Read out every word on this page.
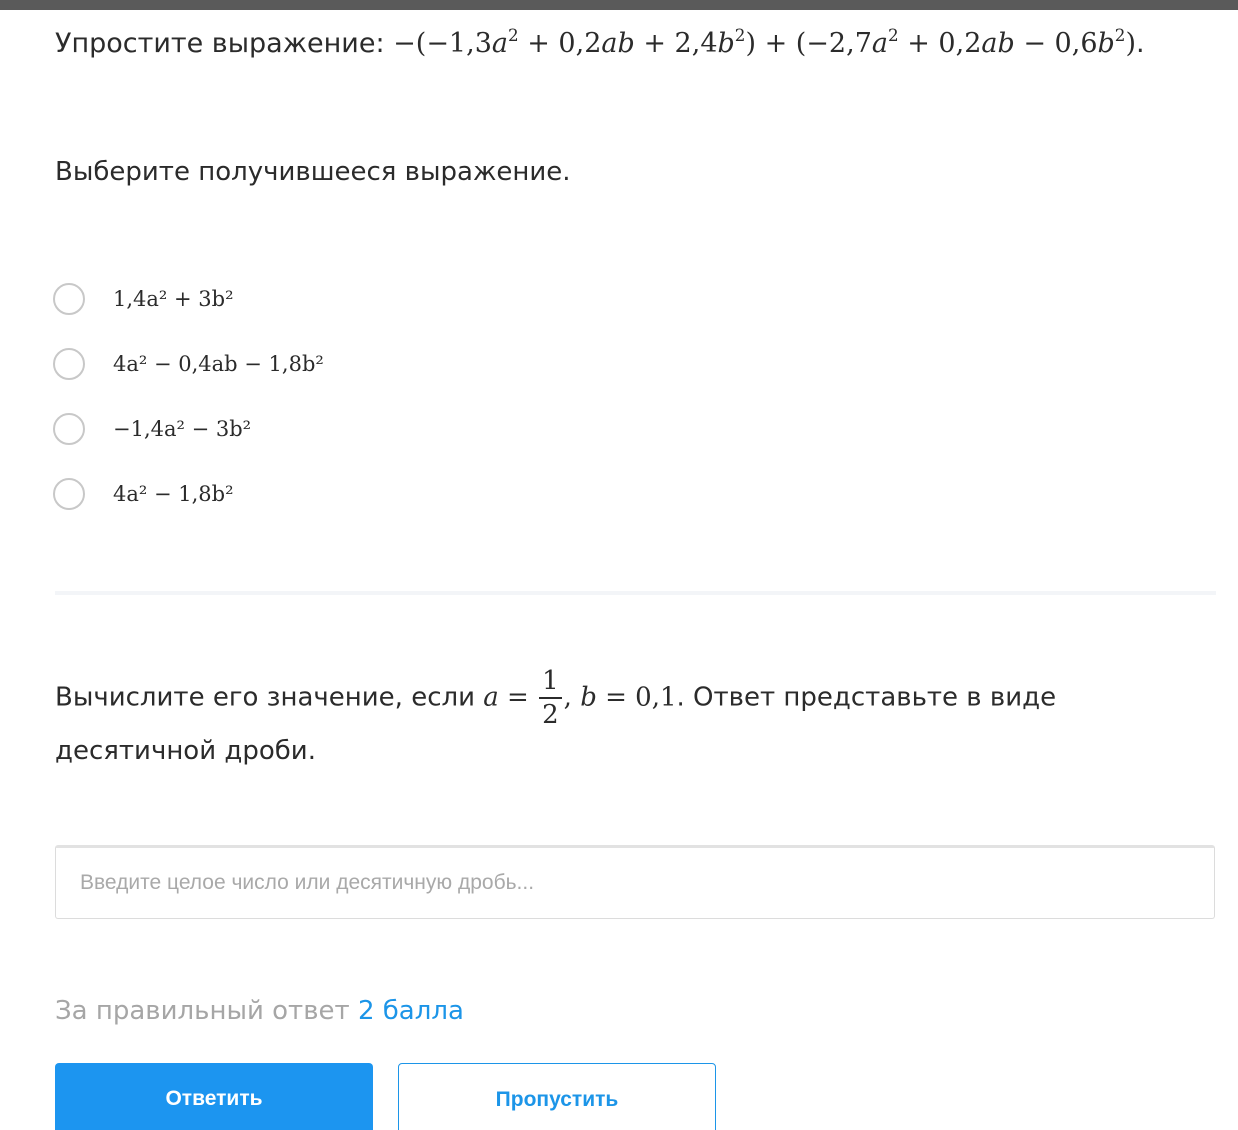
Упростите выражение: $-(-1,3a^2 + 0,2ab + 2,4b^2) + (-2,7a^2 + 0,2ab - 0,6b^2)$.
Выберите получившееся выражение.
1,4a² + 3b²
4a² − 0,4ab − 1,8b²
−1,4a² − 3b²
4a² − 1,8b²
Вычислите его значение, если $a = \frac{1}{2}$ , b = 0,1. Ответ представьте в виде десятичной дроби.
Введите целое число или десятичную дробь...
За правильный ответ 2 балла
Ответить	Пропустить
